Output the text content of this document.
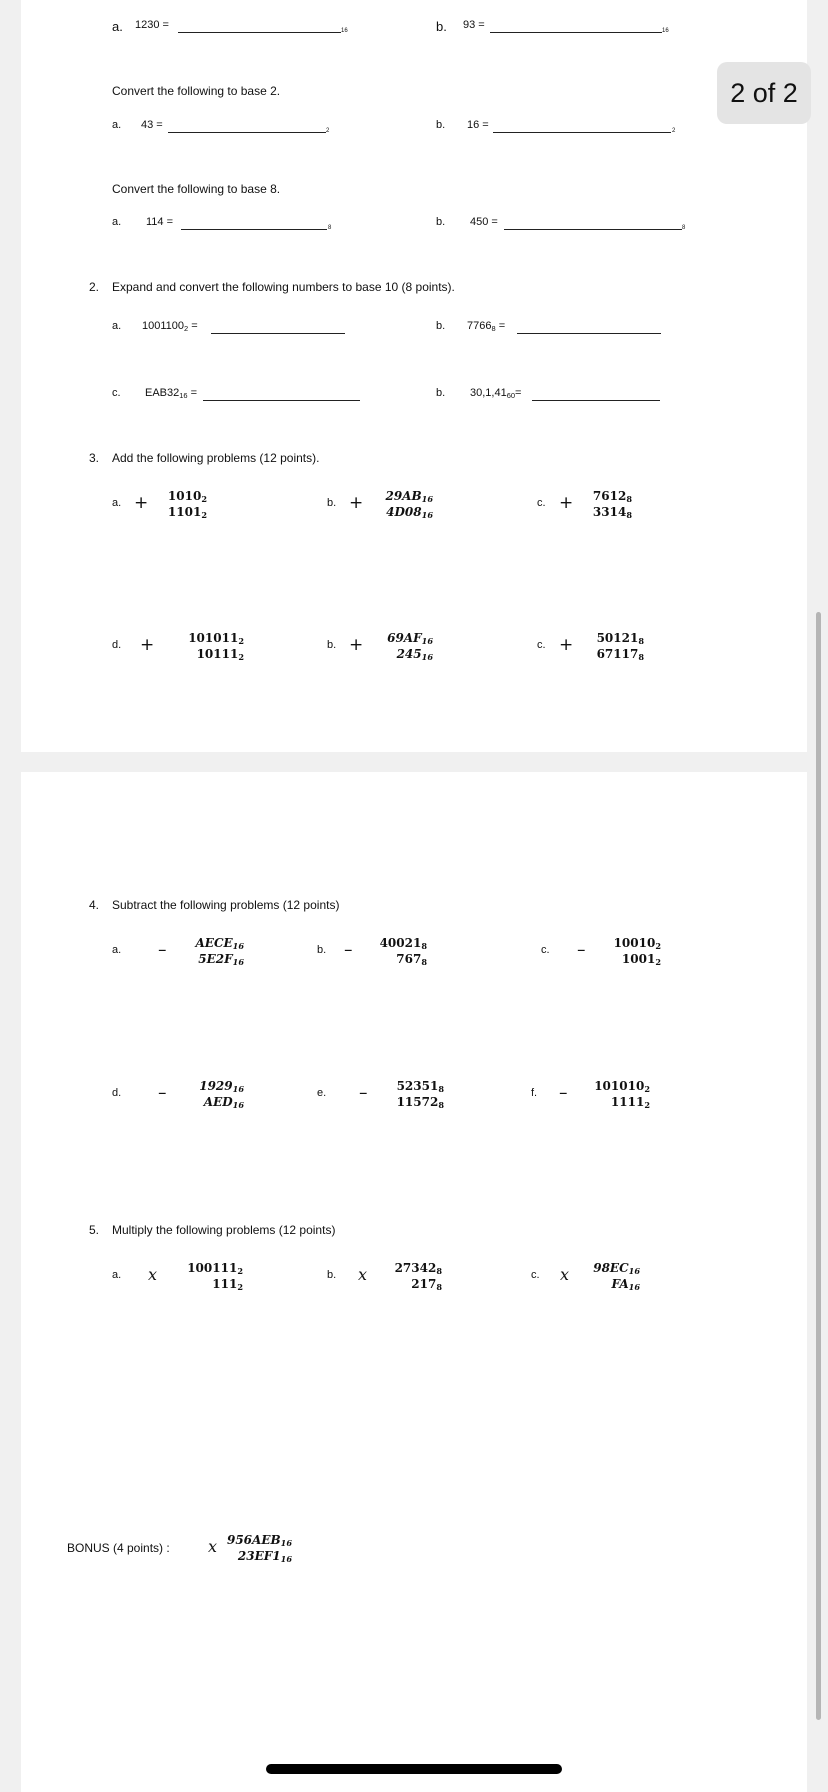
a. 1230 =	16	b. 93 =	16
Convert the following to base 2.
a. 43 =	2	b. 16 =	2
Convert the following to base 8.
a. 114 =	8	b. 450 =	8
2. Expand and convert the following numbers to base 10 (8 points).
a. $1001100_2$ =	b. $7766_8$ =
c. $EAB32_{16}$ =	b. $30,1,41_{60}=$
3. Add the following problems (12 points).
a. +	$1010_2$
$1101_2$
b. +	$29AB_{16}$
$4D08_{16}$
c. +	$7612_8$
$3314_8$
d. +	$101011_2$
$10111_2$
b. +	$69AF_{16}$
$245_{16}$
c. +	$50121_8$
$67117_8$
4. Subtract the following problems (12 points)
a. –	$AECE_{16}$
$5E2F_{16}$
b. –	$40021_8$
$767_8$
c. –	$10010_2$
$1001_2$
d. –	$1929_{16}$
$AED_{16}$
e. –	$52351_8$
$11572_8$
f. –	$101010_2$
$1111_2$
5. Multiply the following problems (12 points)
a. x	$100111_2$
$111_2$
b. x	$27342_8$
$217_8$
c. x	$98EC_{16}$
$FA_{16}$
BONUS (4 points) : x $956AEB_{16}$
$23EF1_{16}$
2 of 2
